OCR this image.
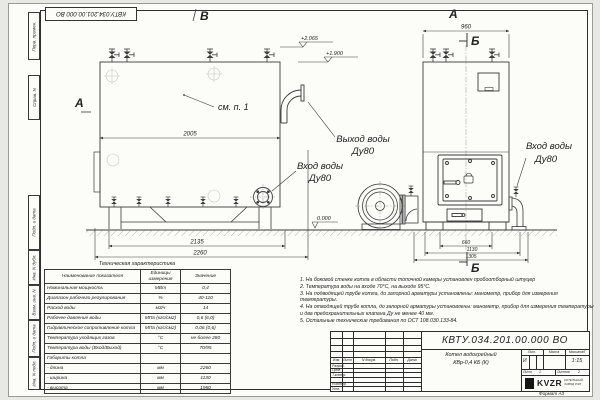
Перв. примен.
Справ. N
Подп. и дата
Инв. N дубл.
Взам. инв. N
Подп. и дата
Инв. N подл.
КВТУ.034.201.00.000 ВО
2005
см. п. 1
2135
2260
+2.065
+1.900
0.000
960
660
1130
1305
Б
Б
В
А
А
Выход воды
Ду80
Вход воды
Ду80
Вход воды
Ду80
Техническая характеристика
Наименование показателя	Единицы измерения	Значение
Номинальная мощность	МВт	0,4
Диапазон рабочего регулирования	%	40-110
Расход воды	м3/ч	14
Рабочее давление воды	МПа (кгс/см2)	0,6 (6,0)
Гидравлическое сопротивление котла	МПа (кгс/см2)	0,06 (0,6)
Температура уходящих газов	°С	не более 280
Температура воды (Вход/Выход)	°С	70/95
Габариты котла		
- длина	мм	2260
- ширина	мм	1130
- высота	мм	1950
1. На боковой стенке котла в области топочной камеры установлен пробоотборный штуцер
2. Температура воды на входе 70°С, на выходе 95°С.
3. На подводящей трубе котла, до запорной арматуры установлены: манометр, прибор для измерения температуры.
4. На отводящей трубе котла, до запорной арматуры установлены: манометр, прибор для измерения температуры и два предохранительных клапана Ду не менее 40 мм.
5. Остальные технические требования по ОСТ 108.030.133-84.
КВТУ.034.201.00.000 ВО
Изм. Лист	N докум.	Подп.	Дата
Разраб.
Пров.
Т.контр.
Н.контр.
Утв.
Котел водогрейный
КВр-0,4 КБ (К)
Лит.	Масса	Масштаб
И	1:15
Лист 1	Листов 2
KVZR КОТЕЛЬНЫЙ
ЗАВОД РЭП
Формат А3
